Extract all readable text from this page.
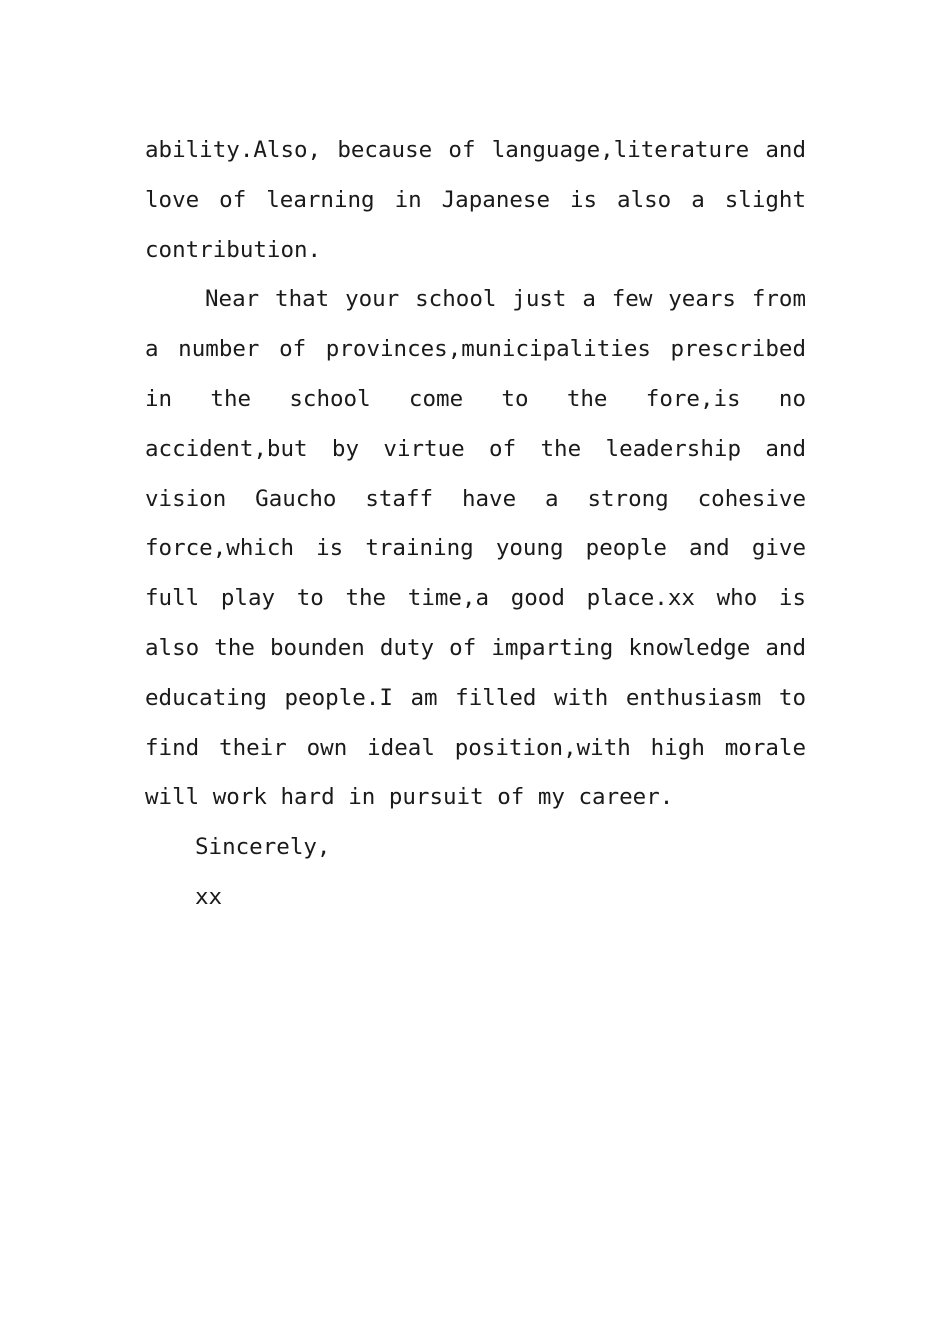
ability.Also, because of language,literature and love of learning in Japanese is also a slight contribution.

Near that your school just a few years from a number of provinces,municipalities prescribed in the school come to the fore,is no accident,but by virtue of the leadership and vision Gaucho staff have a strong cohesive force,which is training young people and give full play to the time,a good place.xx who is also the bounden duty of imparting knowledge and educating people.I am filled with enthusiasm to find their own ideal position,with high morale will work hard in pursuit of my career.

Sincerely,

xx
